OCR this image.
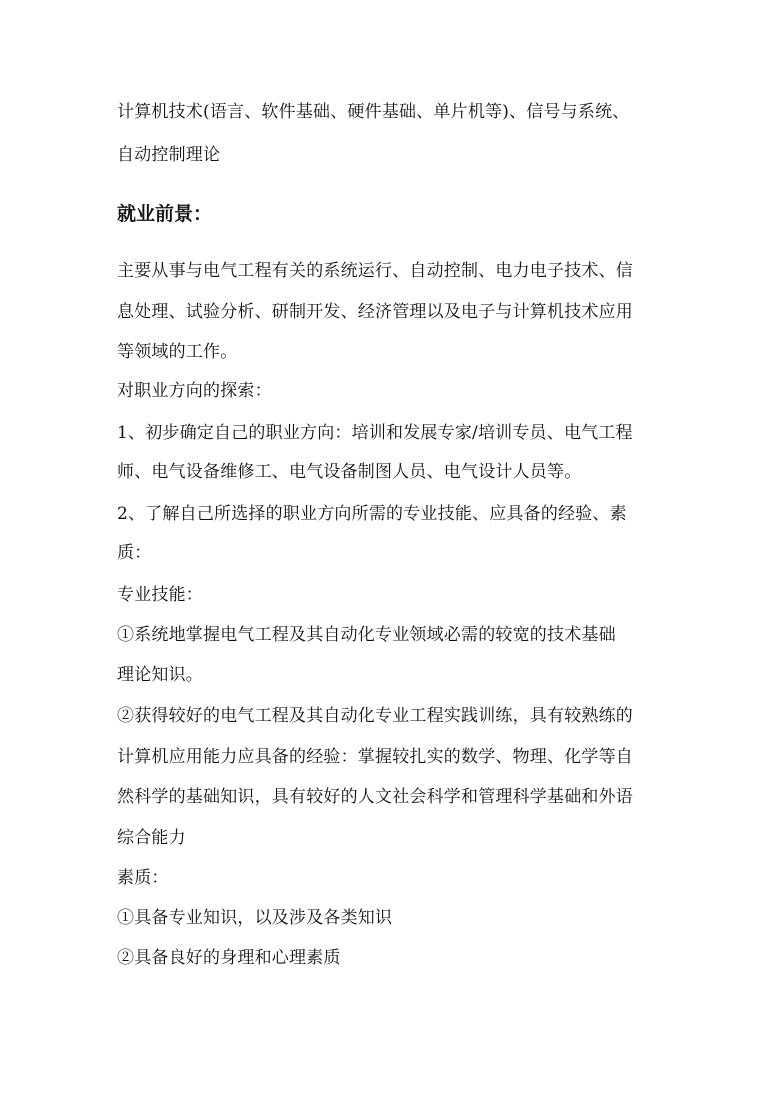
计算机技术(语言、软件基础、硬件基础、单片机等)、信号与系统、
自动控制理论
就业前景：
主要从事与电气工程有关的系统运行、自动控制、电力电子技术、信
息处理、试验分析、研制开发、经济管理以及电子与计算机技术应用
等领域的工作。
对职业方向的探索：
1、初步确定自己的职业方向：培训和发展专家/培训专员、电气工程
师、电气设备维修工、电气设备制图人员、电气设计人员等。
2、了解自己所选择的职业方向所需的专业技能、应具备的经验、素
质：
专业技能：
①系统地掌握电气工程及其自动化专业领域必需的较宽的技术基础
理论知识。
②获得较好的电气工程及其自动化专业工程实践训练，具有较熟练的
计算机应用能力应具备的经验：掌握较扎实的数学、物理、化学等自
然科学的基础知识，具有较好的人文社会科学和管理科学基础和外语
综合能力
素质：
①具备专业知识，以及涉及各类知识
②具备良好的身理和心理素质
